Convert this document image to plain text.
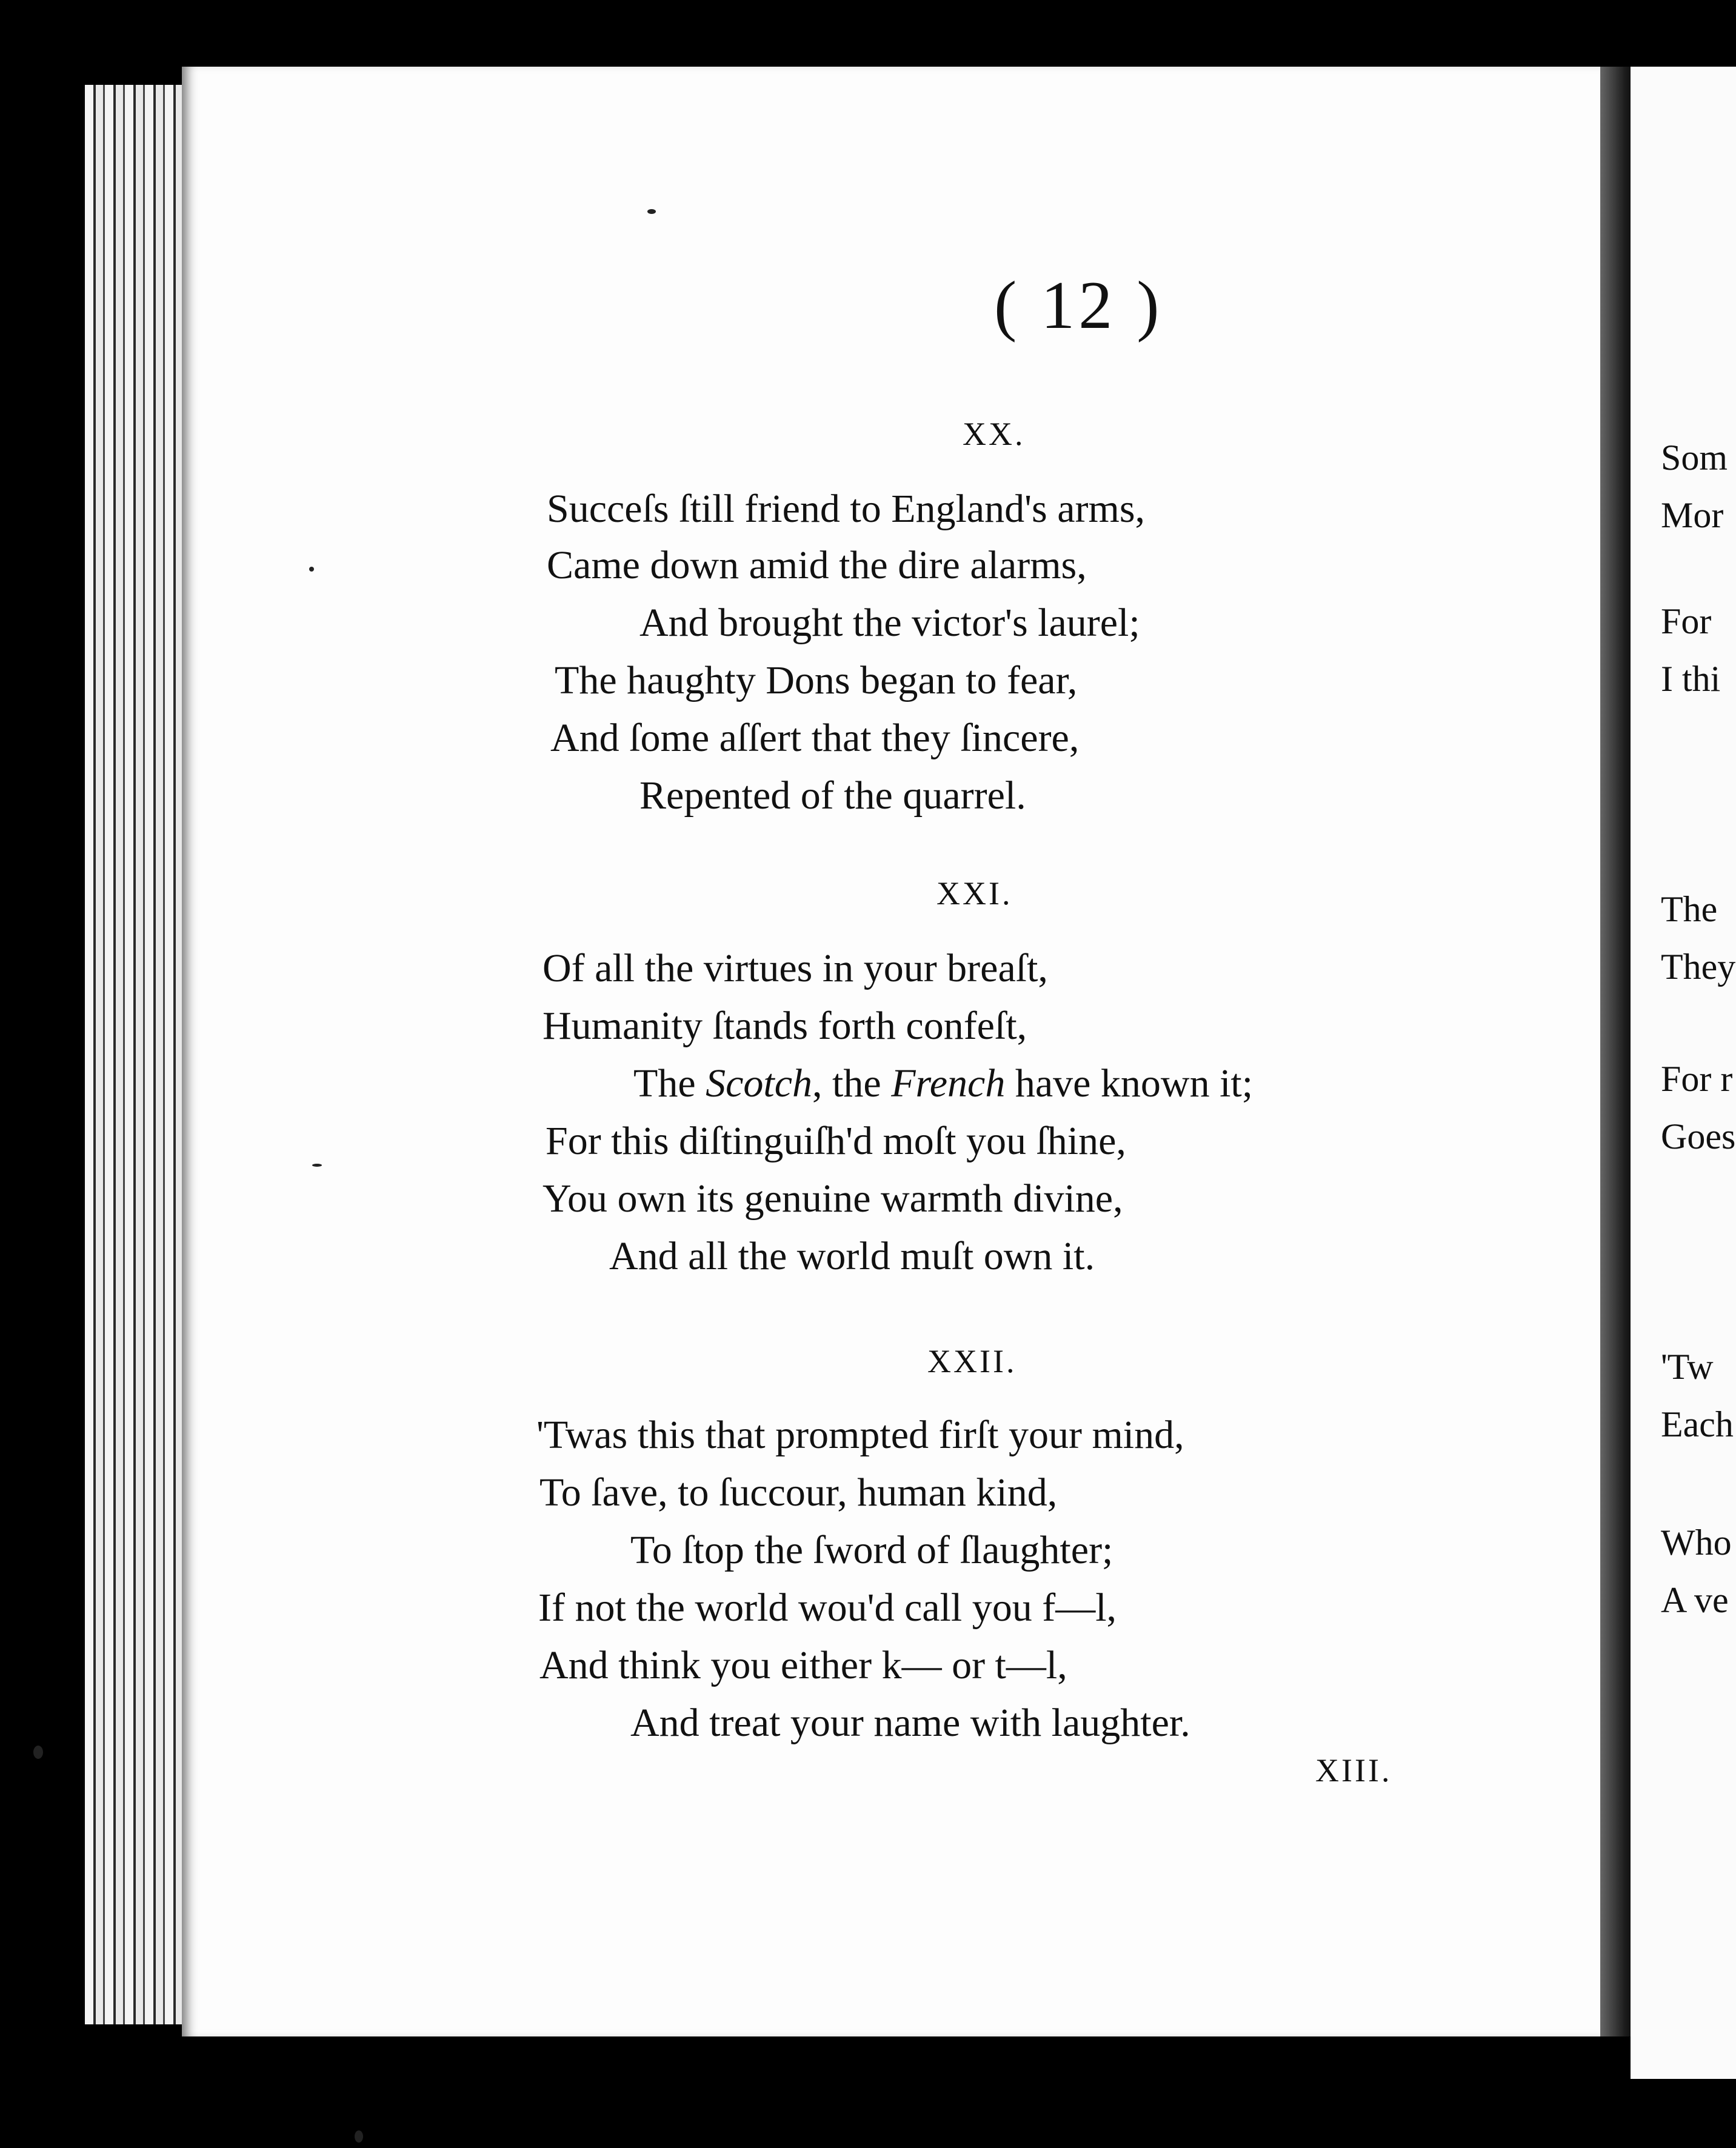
Som
Mor
For
I thi
The
They
For r
Goes
'Tw
Each
Who
A ve
( 12 )
XX.
Succeſs ſtill friend to England's arms,
Came down amid the dire alarms,
And brought the victor's laurel;
The haughty Dons began to fear,
And ſome aſſert that they ſincere,
Repented of the quarrel.
XXI.
Of all the virtues in your breaſt,
Humanity ſtands forth confeſt,
The Scotch, the French have known it;
For this diſtinguiſh'd moſt you ſhine,
You own its genuine warmth divine,
And all the world muſt own it.
XXII.
'Twas this that prompted firſt your mind,
To ſave, to ſuccour, human kind,
To ſtop the ſword of ſlaughter;
If not the world wou'd call you f—l,
And think you either k— or t—l,
And treat your name with laughter.
XIII.
